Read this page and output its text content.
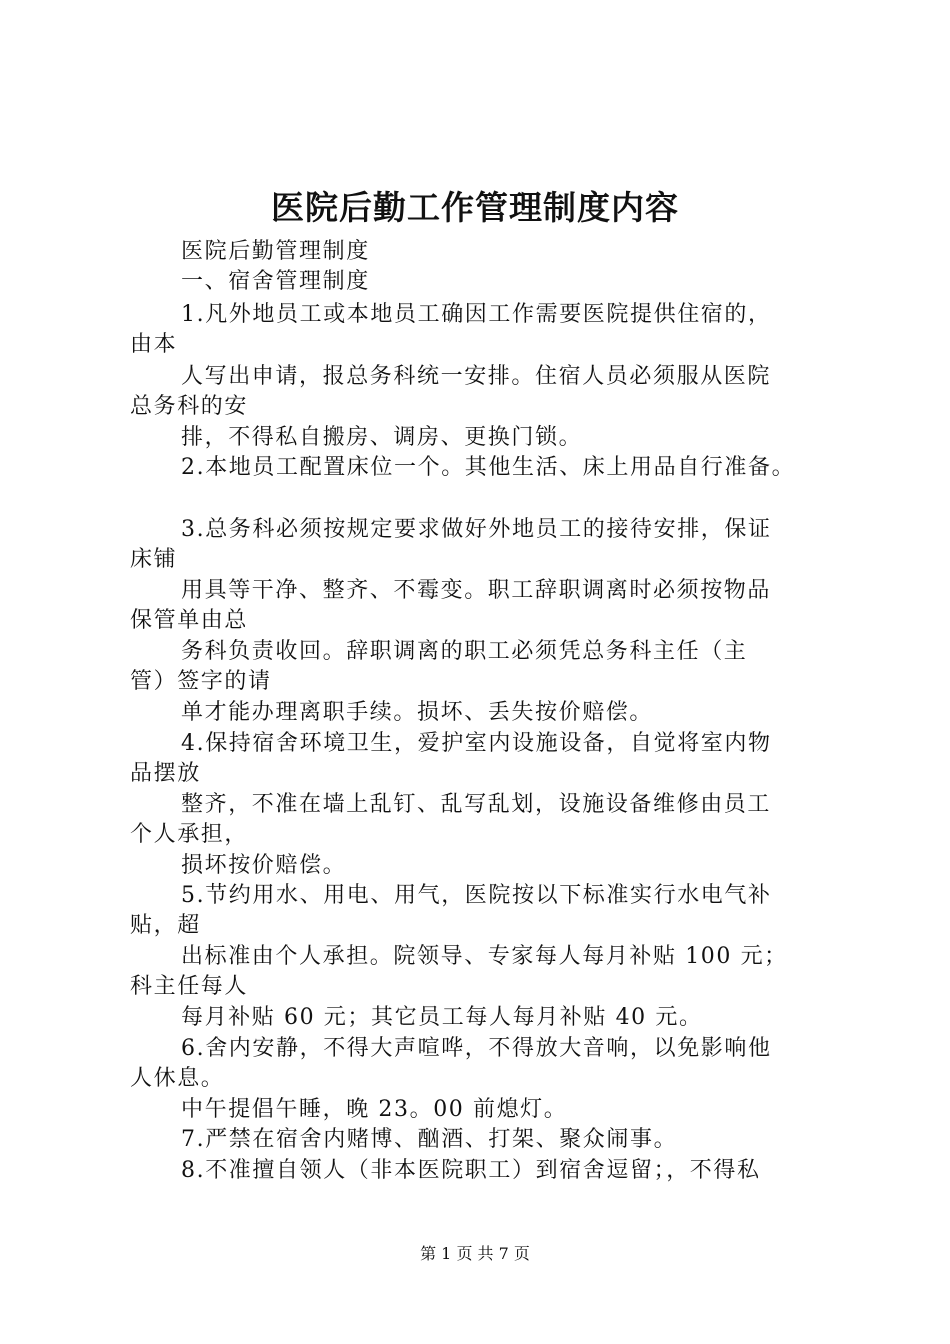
医院后勤工作管理制度内容
医院后勤管理制度
一、宿舍管理制度
1.凡外地员工或本地员工确因工作需要医院提供住宿的，
由本
人写出申请，报总务科统一安排。住宿人员必须服从医院
总务科的安
排，不得私自搬房、调房、更换门锁。
2.本地员工配置床位一个。其他生活、床上用品自行准备。
3.总务科必须按规定要求做好外地员工的接待安排，保证
床铺
用具等干净、整齐、不霉变。职工辞职调离时必须按物品
保管单由总
务科负责收回。辞职调离的职工必须凭总务科主任（主
管）签字的请
单才能办理离职手续。损坏、丢失按价赔偿。
4.保持宿舍环境卫生，爱护室内设施设备，自觉将室内物
品摆放
整齐，不准在墙上乱钉、乱写乱划，设施设备维修由员工
个人承担，
损坏按价赔偿。
5.节约用水、用电、用气，医院按以下标准实行水电气补
贴，超
出标准由个人承担。院领导、专家每人每月补贴 100 元；
科主任每人
每月补贴 60 元；其它员工每人每月补贴 40 元。
6.舍内安静，不得大声喧哗，不得放大音响，以免影响他
人休息。
中午提倡午睡，晚 23。00 前熄灯。
7.严禁在宿舍内赌博、酗酒、打架、聚众闹事。
8.不准擅自领人（非本医院职工）到宿舍逗留；，不得私
第 1 页 共 7 页
